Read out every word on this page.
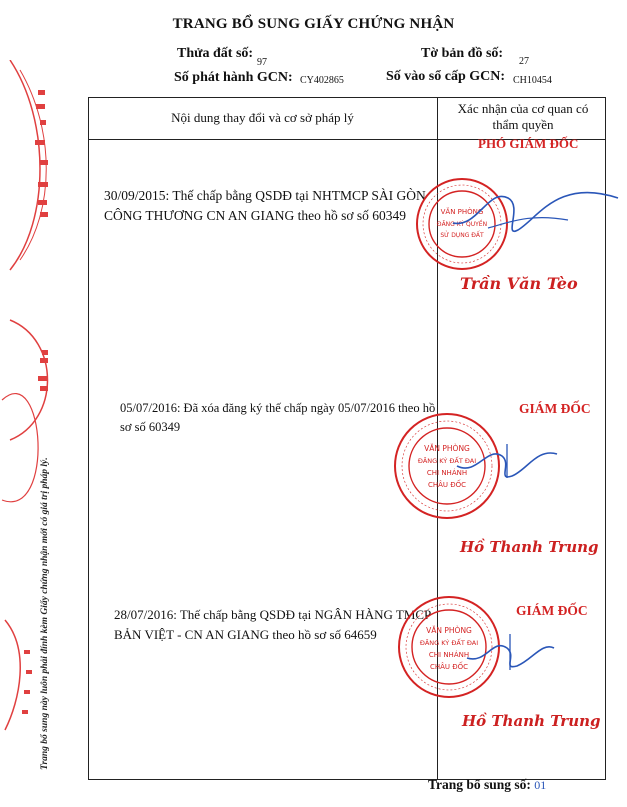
TRANG BỔ SUNG GIẤY CHỨNG NHẬN
Thửa đất số:
97
Tờ bản đồ số:
27
Số phát hành GCN: CY402865	Số vào sổ cấp GCN: CH10454
Nội dung thay đổi và cơ sở pháp lý
Xác nhận của cơ quan có
thẩm quyền
30/09/2015: Thế chấp bằng QSDĐ tại NHTMCP SÀI GÒN
CÔNG THƯƠNG CN AN GIANG theo hồ sơ số 60349
05/07/2016: Đã xóa đăng ký thế chấp ngày 05/07/2016 theo hồ
sơ số 60349
28/07/2016: Thế chấp bằng QSDĐ tại NGÂN HÀNG TMCP
BẢN VIỆT - CN AN GIANG theo hồ sơ số 64659
PHÓ GIÁM ĐỐC
GIÁM ĐỐC
GIÁM ĐỐC
VĂN PHÒNG
ĐĂNG KÝ QUYỀN
SỬ DỤNG ĐẤT
VĂN PHÒNG
ĐĂNG KÝ ĐẤT ĐAI
CHI NHÁNH
CHÂU ĐỐC
VĂN PHÒNG
ĐĂNG KÝ ĐẤT ĐAI
CHI NHÁNH
CHÂU ĐỐC
Trần Văn Tèo
Hồ Thanh Trung
Hồ Thanh Trung
Trang bổ sung này luôn phải đính kèm Giấy chứng nhận mới có giá trị pháp lý.
Trang bổ sung số: 01
